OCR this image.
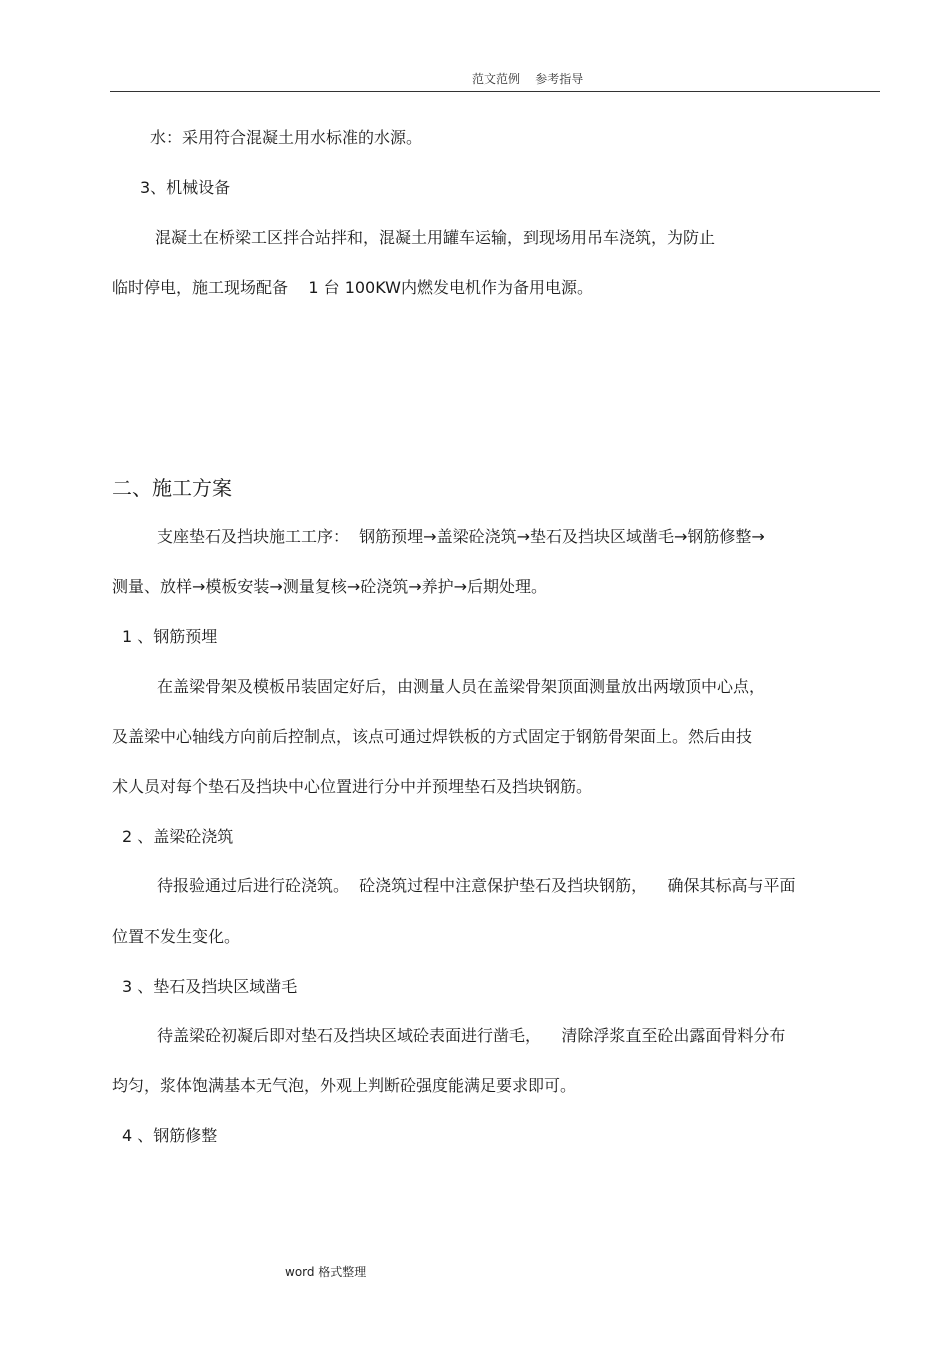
范文范例    参考指导
水：采用符合混凝土用水标准的水源。
3、机械设备
混凝土在桥梁工区拌合站拌和，混凝土用罐车运输，到现场用吊车浇筑，为防止
临时停电，施工现场配备    1 台 100KW内燃发电机作为备用电源。
二、施工方案
支座垫石及挡块施工工序：  钢筋预埋→盖梁砼浇筑→垫石及挡块区域凿毛→钢筋修整→
测量、放样→模板安装→测量复核→砼浇筑→养护→后期处理。
1 、钢筋预埋
在盖梁骨架及模板吊装固定好后，由测量人员在盖梁骨架顶面测量放出两墩顶中心点，
及盖梁中心轴线方向前后控制点，该点可通过焊铁板的方式固定于钢筋骨架面上。然后由技
术人员对每个垫石及挡块中心位置进行分中并预埋垫石及挡块钢筋。
2 、盖梁砼浇筑
待报验通过后进行砼浇筑。  砼浇筑过程中注意保护垫石及挡块钢筋，    确保其标高与平面
位置不发生变化。
3 、垫石及挡块区域凿毛
待盖梁砼初凝后即对垫石及挡块区域砼表面进行凿毛，    清除浮浆直至砼出露面骨料分布
均匀，浆体饱满基本无气泡，外观上判断砼强度能满足要求即可。
4 、钢筋修整
word 格式整理
